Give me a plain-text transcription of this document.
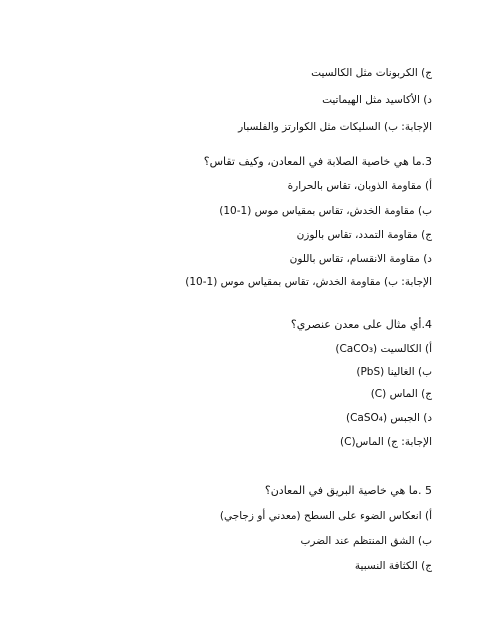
ج) الكربونات مثل الكالسيت
د) الأكاسيد مثل الهيماتيت
الإجابة: ب) السليكات مثل الكوارتز والفلسبار
3.ما هي خاصية الصلابة في المعادن، وكيف تقاس؟
أ) مقاومة الذوبان، تقاس بالحرارة
ب) مقاومة الخدش، تقاس بمقياس موس (1-10)
ج) مقاومة التمدد، تقاس بالوزن
د) مقاومة الانقسام، تقاس باللون
الإجابة: ب) مقاومة الخدش، تقاس بمقياس موس (1-10)
4.أي مثال على معدن عنصري؟
أ) الكالسيت (CaCO₃)
ب) الغالينا (PbS)
ج) الماس (C)
د) الجبس (CaSO₄)
الإجابة: ج) الماس(C)
5 .ما هي خاصية البريق في المعادن؟
أ) انعكاس الضوء على السطح (معدني أو زجاجي)
ب) الشق المنتظم عند الضرب
ج) الكثافة النسبية
